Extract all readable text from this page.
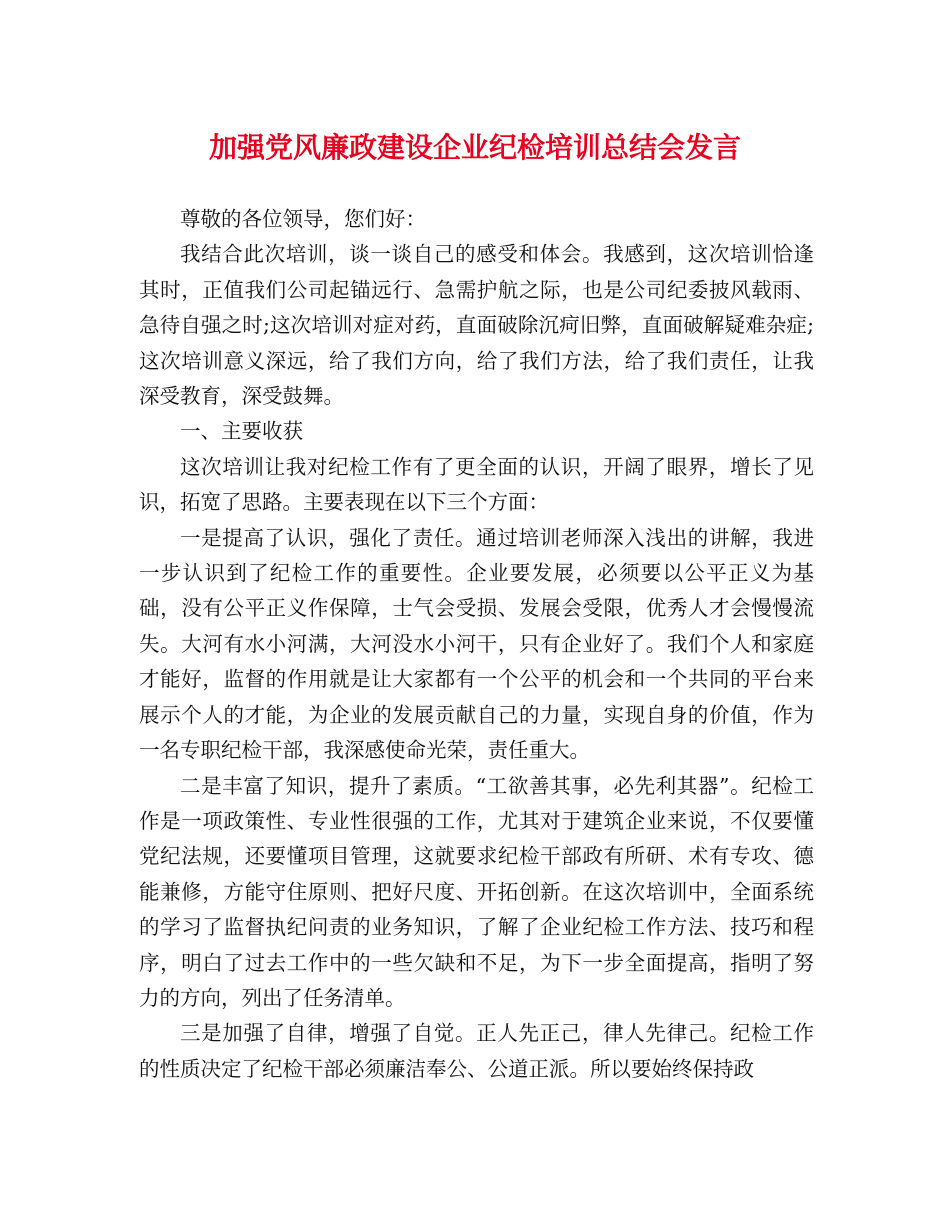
加强党风廉政建设企业纪检培训总结会发言

尊敬的各位领导，您们好：

我结合此次培训，谈一谈自己的感受和体会。我感到，这次培训恰逢其时，正值我们公司起锚远行、急需护航之际，也是公司纪委披风载雨、急待自强之时;这次培训对症对药，直面破除沉疴旧弊，直面破解疑难杂症;这次培训意义深远，给了我们方向，给了我们方法，给了我们责任，让我深受教育，深受鼓舞。

一、主要收获

这次培训让我对纪检工作有了更全面的认识，开阔了眼界，增长了见识，拓宽了思路。主要表现在以下三个方面：

一是提高了认识，强化了责任。通过培训老师深入浅出的讲解，我进一步认识到了纪检工作的重要性。企业要发展，必须要以公平正义为基础，没有公平正义作保障，士气会受损、发展会受限，优秀人才会慢慢流失。大河有水小河满，大河没水小河干，只有企业好了。我们个人和家庭才能好，监督的作用就是让大家都有一个公平的机会和一个共同的平台来展示个人的才能，为企业的发展贡献自己的力量，实现自身的价值，作为一名专职纪检干部，我深感使命光荣，责任重大。

二是丰富了知识，提升了素质。“工欲善其事，必先利其器”。纪检工作是一项政策性、专业性很强的工作，尤其对于建筑企业来说，不仅要懂党纪法规，还要懂项目管理，这就要求纪检干部政有所研、术有专攻、德能兼修，方能守住原则、把好尺度、开拓创新。在这次培训中，全面系统的学习了监督执纪问责的业务知识，了解了企业纪检工作方法、技巧和程序，明白了过去工作中的一些欠缺和不足，为下一步全面提高，指明了努力的方向，列出了任务清单。

三是加强了自律，增强了自觉。正人先正己，律人先律己。纪检工作的性质决定了纪检干部必须廉洁奉公、公道正派。所以要始终保持政
